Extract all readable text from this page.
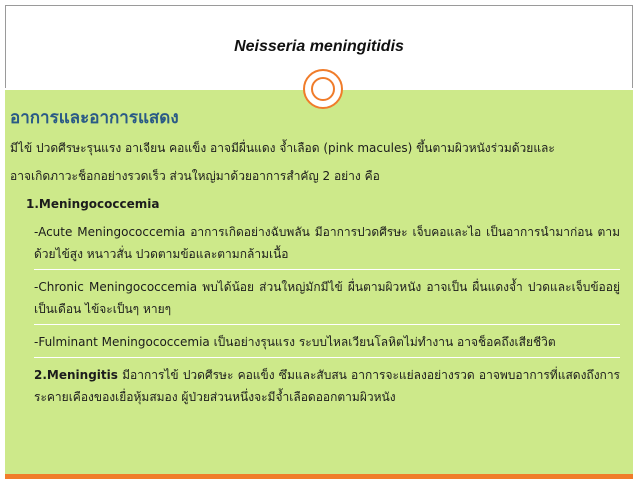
Neisseria meningitidis
อาการและอาการแสดง
มีไข้ ปวดศีรษะรุนแรง อาเจียน คอแข็ง อาจมีผื่นแดง จ้ำเลือด (pink macules) ขึ้นตามผิวหนังร่วมด้วยและ
อาจเกิดภาวะช็อกอย่างรวดเร็ว ส่วนใหญ่มาด้วยอาการสำคัญ 2 อย่าง คือ
1.Meningococcemia
-Acute Meningococcemia อาการเกิดอย่างฉับพลัน มีอาการปวดศีรษะ เจ็บคอและไอ เป็นอาการนำมาก่อน ตามด้วยไข้สูง หนาวสั่น ปวดตามข้อและตามกล้ามเนื้อ
-Chronic Meningococcemia พบได้น้อย ส่วนใหญ่มักมีไข้ ผื่นตามผิวหนัง อาจเป็น ผื่นแดงจ้ำ ปวดและเจ็บข้ออยู่เป็นเดือน ไข้จะเป็นๆ หายๆ
-Fulminant Meningococcemia เป็นอย่างรุนแรง ระบบไหลเวียนโลหิตไม่ทำงาน อาจช็อคถึงเสียชีวิต
2.Meningitis มีอาการไข้ ปวดศีรษะ คอแข็ง ซึมและสับสน อาการจะแย่ลงอย่างรวด อาจพบอาการที่แสดงถึงการระคายเคืองของเยื่อหุ้มสมอง ผู้ป่วยส่วนหนึ่งจะมีจ้ำเลือดออกตามผิวหนัง
